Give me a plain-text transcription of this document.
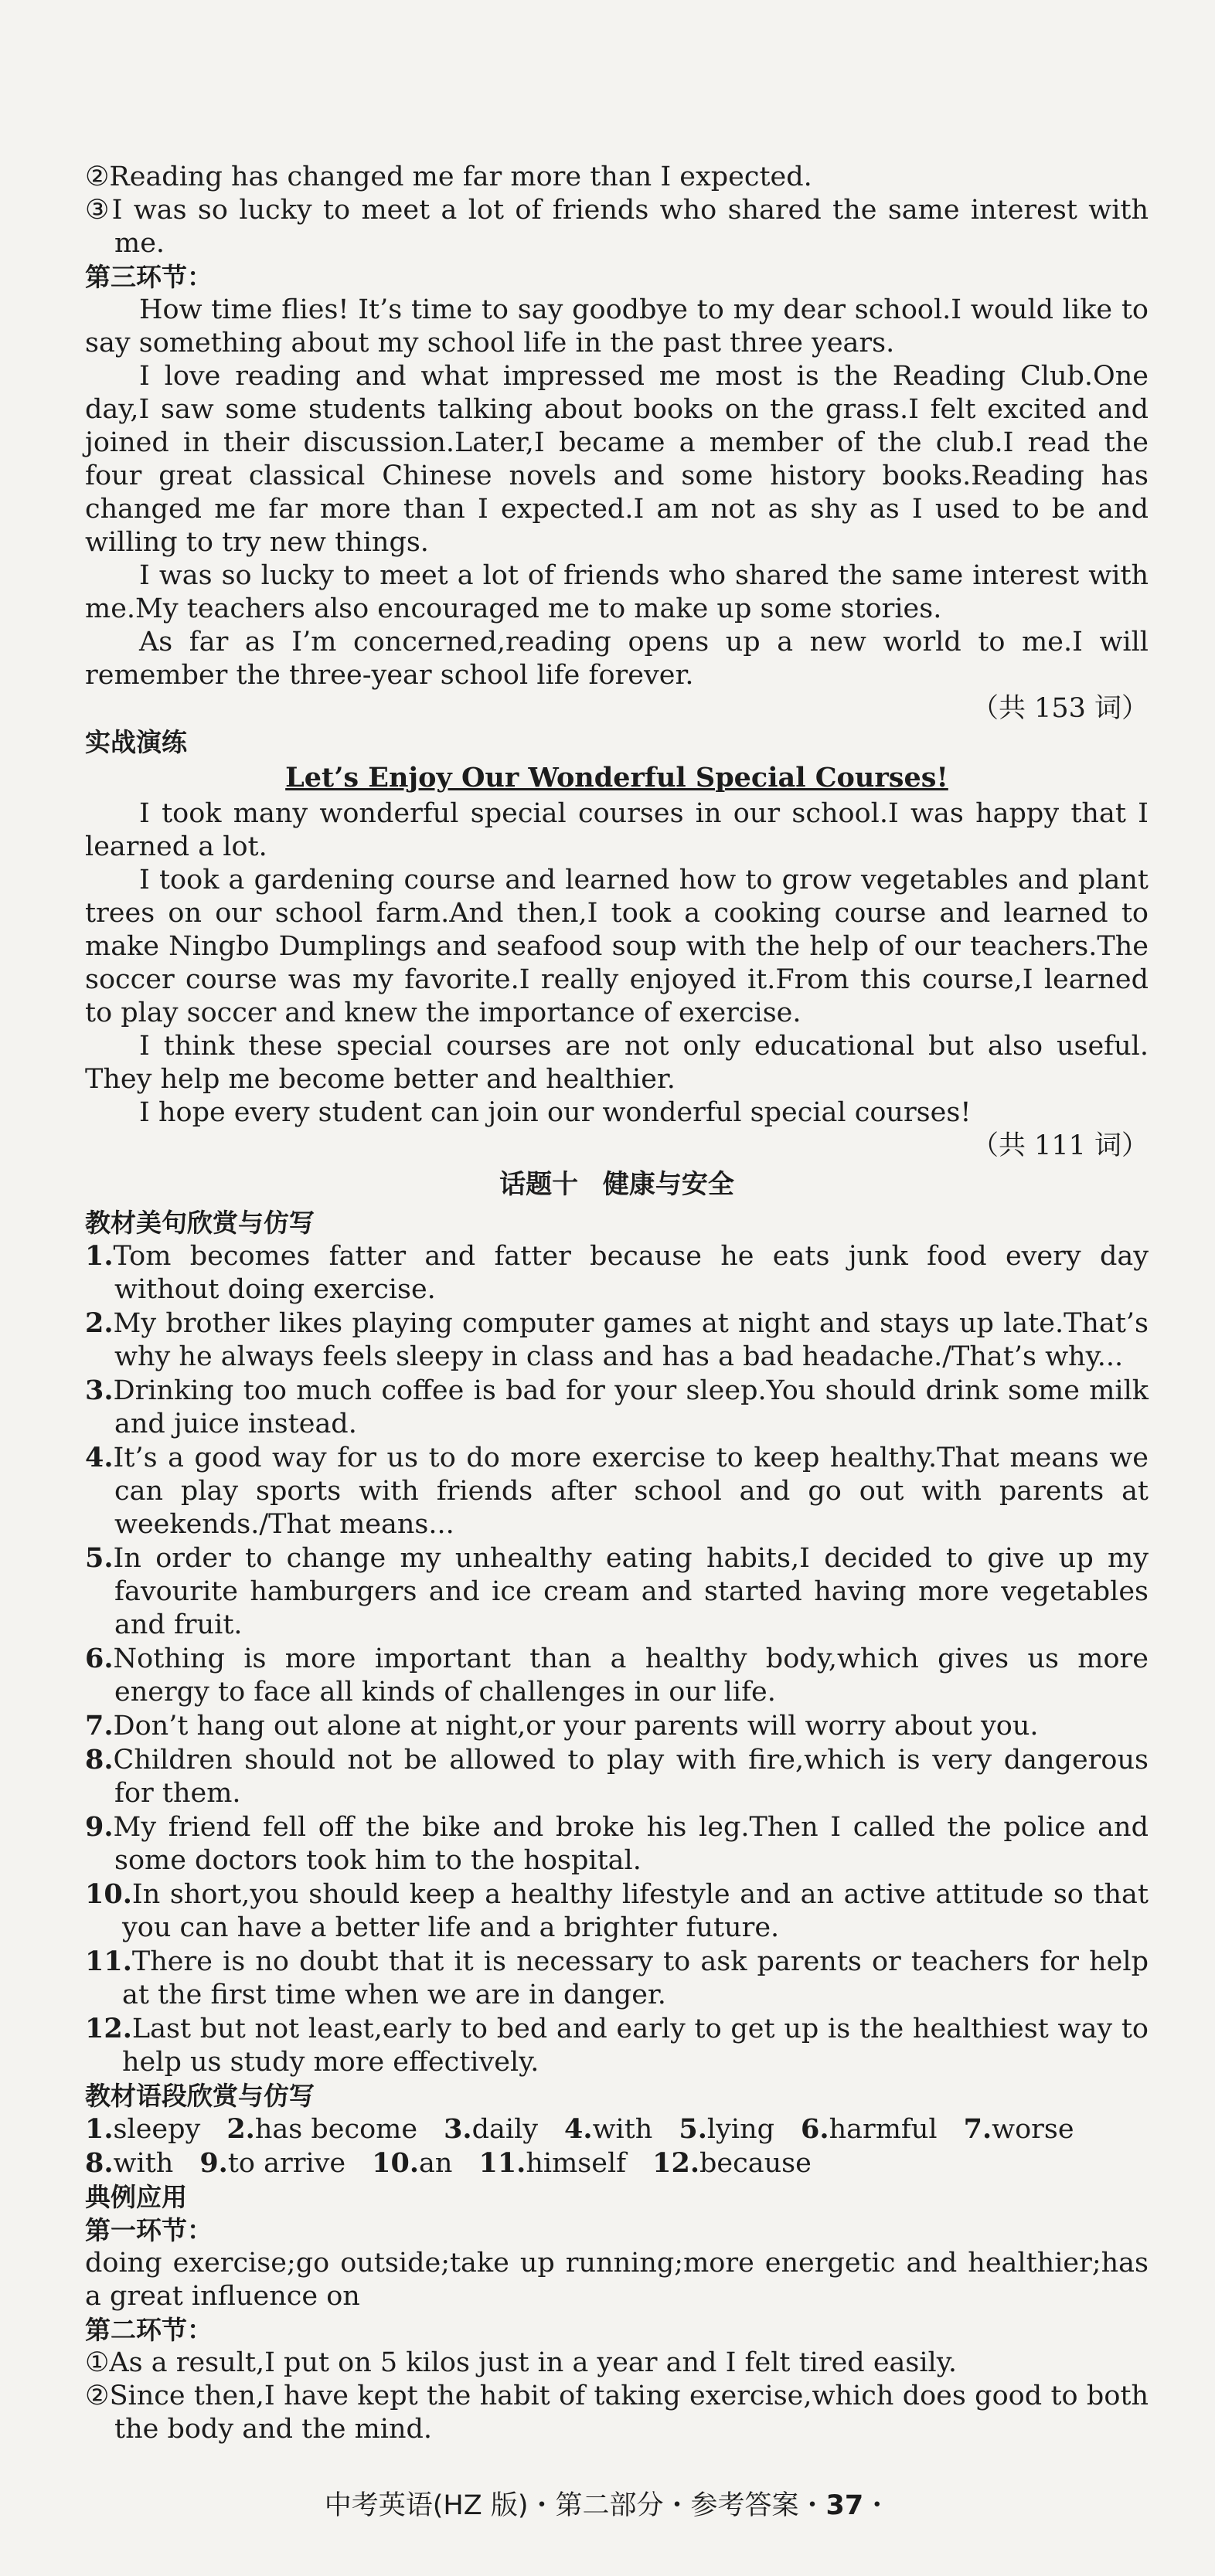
②Reading has changed me far more than I expected.

③I was so lucky to meet a lot of friends who shared the same interest with me.

第三环节：

How time flies! It’s time to say goodbye to my dear school.I would like to say something about my school life in the past three years.

I love reading and what impressed me most is the Reading Club.One day,I saw some students talking about books on the grass.I felt excited and joined in their discussion.Later,I became a member of the club.I read the four great classical Chinese novels and some history books.Reading has changed me far more than I expected.I am not as shy as I used to be and willing to try new things.

I was so lucky to meet a lot of friends who shared the same interest with me.My teachers also encouraged me to make up some stories.

As far as I’m concerned,reading opens up a new world to me.I will remember the three-year school life forever.

（共 153 词）

实战演练

Let’s Enjoy Our Wonderful Special Courses!

I took many wonderful special courses in our school.I was happy that I learned a lot.

I took a gardening course and learned how to grow vegetables and plant trees on our school farm.And then,I took a cooking course and learned to make Ningbo Dumplings and seafood soup with the help of our teachers.The soccer course was my favorite.I really enjoyed it.From this course,I learned to play soccer and knew the importance of exercise.

I think these special courses are not only educational but also useful. They help me become better and healthier.

I hope every student can join our wonderful special courses!

（共 111 词）

话题十 健康与安全

教材美句欣赏与仿写

1.Tom becomes fatter and fatter because he eats junk food every day without doing exercise.

2.My brother likes playing computer games at night and stays up late.That’s why he always feels sleepy in class and has a bad headache./That’s why...

3.Drinking too much coffee is bad for your sleep.You should drink some milk and juice instead.

4.It’s a good way for us to do more exercise to keep healthy.That means we can play sports with friends after school and go out with parents at weekends./That means...

5.In order to change my unhealthy eating habits,I decided to give up my favourite hamburgers and ice cream and started having more vegetables and fruit.

6.Nothing is more important than a healthy body,which gives us more energy to face all kinds of challenges in our life.

7.Don’t hang out alone at night,or your parents will worry about you.

8.Children should not be allowed to play with fire,which is very dangerous for them.

9.My friend fell off the bike and broke his leg.Then I called the police and some doctors took him to the hospital.

10.In short,you should keep a healthy lifestyle and an active attitude so that you can have a better life and a brighter future.

11.There is no doubt that it is necessary to ask parents or teachers for help at the first time when we are in danger.

12.Last but not least,early to bed and early to get up is the healthiest way to help us study more effectively.

教材语段欣赏与仿写

1.sleepy 2.has become 3.daily 4.with 5.lying 6.harmful 7.worse
8.with 9.to arrive 10.an 11.himself 12.because

典例应用

第一环节：

doing exercise;go outside;take up running;more energetic and healthier;has a great influence on

第二环节：

①As a result,I put on 5 kilos just in a year and I felt tired easily.

②Since then,I have kept the habit of taking exercise,which does good to both the body and the mind.

中考英语(HZ 版)・第二部分・参考答案・37・
